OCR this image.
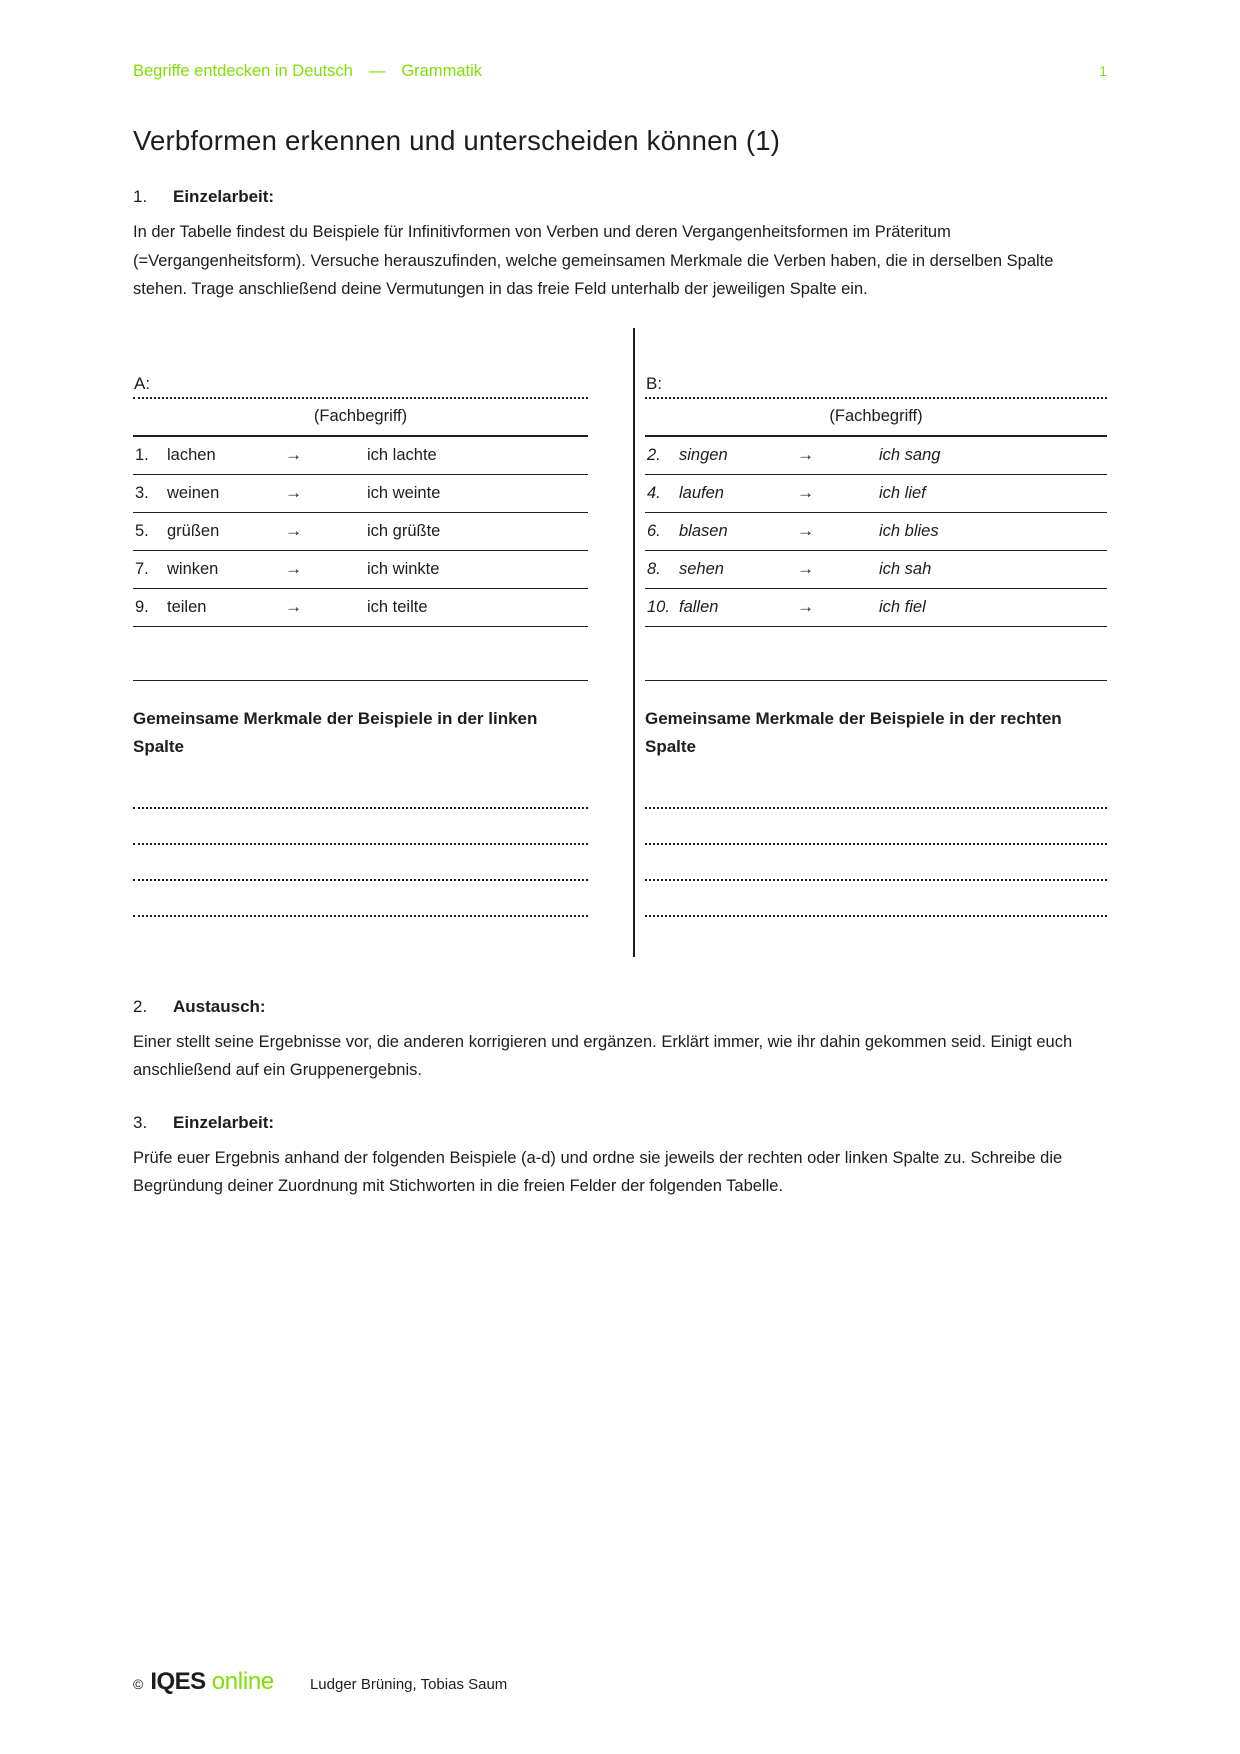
Begriffe entdecken in Deutsch — Grammatik	1
Verbformen erkennen und unterscheiden können (1)
1.	Einzelarbeit:

In der Tabelle findest du Beispiele für Infinitivformen von Verben und deren Vergangenheitsformen im Präteritum (=Vergangenheitsform). Versuche herauszufinden, welche gemeinsamen Merkmale die Verben haben, die in derselben Spalte stehen. Trage anschließend deine Vermutungen in das freie Feld unterhalb der jeweiligen Spalte ein.

A:
(Fachbegriff)
1.	lachen	→	ich lachte
3.	weinen	→	ich weinte
5.	grüßen	→	ich grüßte
7.	winken	→	ich winkte
9.	teilen	→	ich teilte
Gemeinsame Merkmale der Beispiele in der linken Spalte
B:
(Fachbegriff)
2.	singen	→	ich sang
4.	laufen	→	ich lief
6.	blasen	→	ich blies
8.	sehen	→	ich sah
10. fallen	→	ich fiel
Gemeinsame Merkmale der Beispiele in der rechten Spalte
2.	Austausch:

Einer stellt seine Ergebnisse vor, die anderen korrigieren und ergänzen. Erklärt immer, wie ihr dahin gekommen seid. Einigt euch anschließend auf ein Gruppenergebnis.

3.	Einzelarbeit:

Prüfe euer Ergebnis anhand der folgenden Beispiele (a-d) und ordne sie jeweils der rechten oder linken Spalte zu. Schreibe die Begründung deiner Zuordnung mit Stichworten in die freien Felder der folgenden Tabelle.

© IQES online Ludger Brüning, Tobias Saum
